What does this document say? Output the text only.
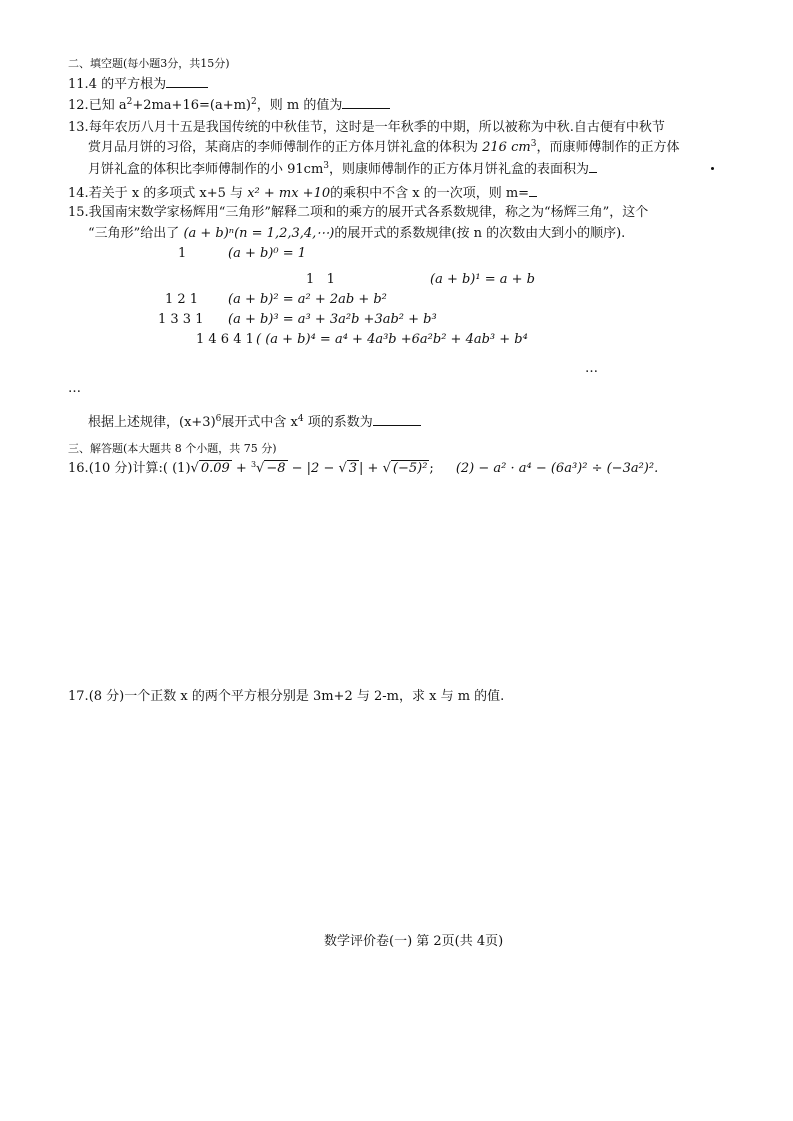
二、填空题(每小题3分，共15分)
11.4 的平方根为
12.已知 $a^2+2ma+16=(a+m)^2$，则 m 的值为
13.每年农历八月十五是我国传统的中秋佳节，这时是一年秋季的中期，所以被称为中秋.自古便有中秋节
赏月品月饼的习俗，某商店的李师傅制作的正方体月饼礼盒的体积为 216 $cm^3$，而康师傅制作的正方体
月饼礼盒的体积比李师傅制作的小 $91cm^3$，则康师傅制作的正方体月饼礼盒的表面积为
14.若关于 x 的多项式 x+5 与 x² + mx +10的乘积中不含 x 的一次项，则 m=
15.我国南宋数学家杨辉用“三角形”解释二项和的乘方的展开式各系数规律，称之为“杨辉三角”，这个
“三角形”给出了 (a + b)ⁿ(n = 1,2,3,4,⋯)的展开式的系数规律(按 n 的次数由大到小的顺序).
1	(a + b)⁰ = 1
1   1	(a + b)¹ = a + b
1 2 1 (a + b)² = a² + 2ab + b²
1 3 3 1 (a + b)³ = a³ + 3a²b +3ab² + b³
1 4 6 4 1 ( (a + b)⁴ = a⁴ + 4a³b +6a²b² + 4ab³ + b⁴
…
…
根据上述规律，$(x+3)^6$展开式中含 $x^4$ 项的系数为
三、解答题(本大题共 8 个小题，共 75 分)
16.(10 分)计算:( (1)√ 0.09 + $^3$√ −8 − |2 − √ 3 | + √ (−5)² ; (2) − a² · a⁴ − (6a³)² ÷ (−3a²)².
17.(8 分)一个正数 x 的两个平方根分别是 3m+2 与 2-m，求 x 与 m 的值.
数学评价卷(一) 第 2页(共 4页)
